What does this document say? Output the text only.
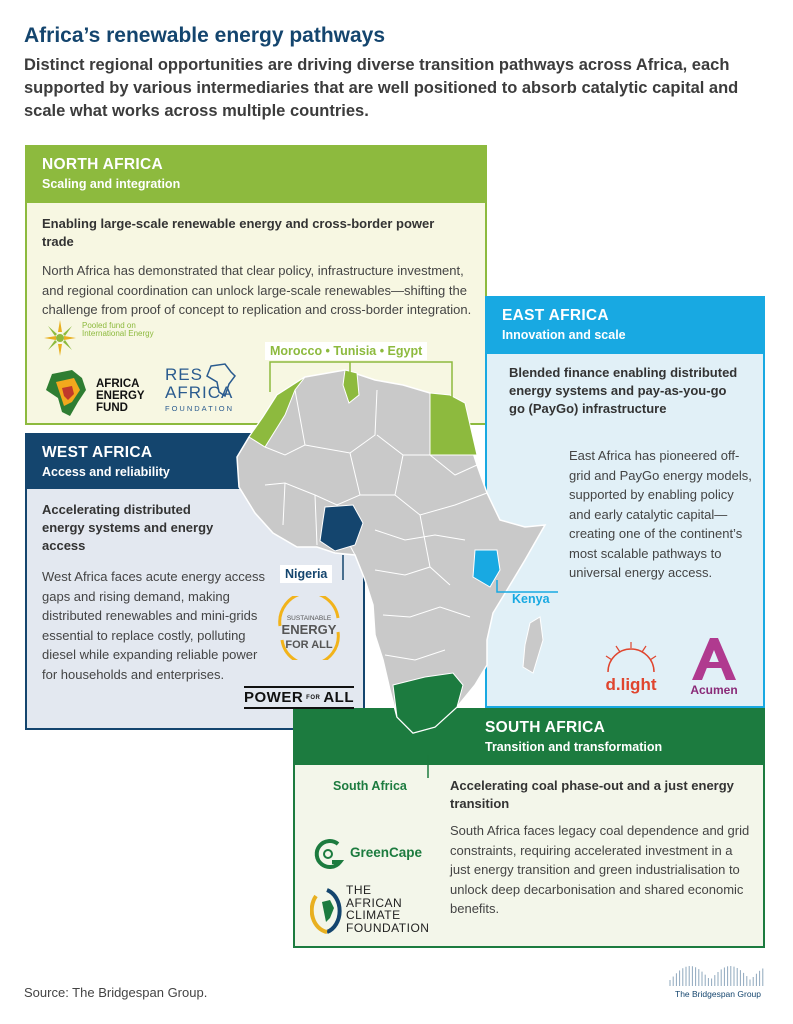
Africa’s renewable energy pathways
Distinct regional opportunities are driving diverse transition pathways across Africa, each supported by various intermediaries that are well positioned to absorb catalytic capital and scale what works across multiple countries.
NORTH AFRICA
Scaling and integration
Enabling large-scale renewable energy and cross-border power trade
North Africa has demonstrated that clear policy, infrastructure investment, and regional coordination can unlock large-scale renewables—shifting the challenge from proof of concept to replication and cross-border integration. EAST AFRICA
Innovation and scale
Blended finance enabling distributed energy systems and pay-as-you-go go (PayGo) infrastructure
East Africa has pioneered off-grid and PayGo energy models, supported by enabling policy and early catalytic capital—creating one of the continent’s most scalable pathways to universal energy access.
WEST AFRICA
Access and reliability
Accelerating distributed energy systems and energy access
West Africa faces acute energy access gaps and rising demand, making distributed renewables and mini-grids essential to replace costly, polluting diesel while expanding reliable power for households and enterprises.
SOUTH AFRICA
Transition and transformation
Accelerating coal phase-out and a just energy transition
South Africa faces legacy coal dependence and grid constraints, requiring accelerated investment in a just energy transition and green industrialisation to unlock deep decarbonisation and shared economic benefits.
Morocco • Tunisia • Egypt
Nigeria
Kenya
South Africa
Pooled fund on International Energy
AFRICA
ENERGY
FUND
RES
AFRICA
FOUNDATION
d.light	Acumen
SUSTAINABLE
ENERGY
FOR ALL
POWER FOR ALL
GreenCape
THE
AFRICAN
CLIMATE
FOUNDATION
Source: The Bridgespan Group.	The Bridgespan Group
